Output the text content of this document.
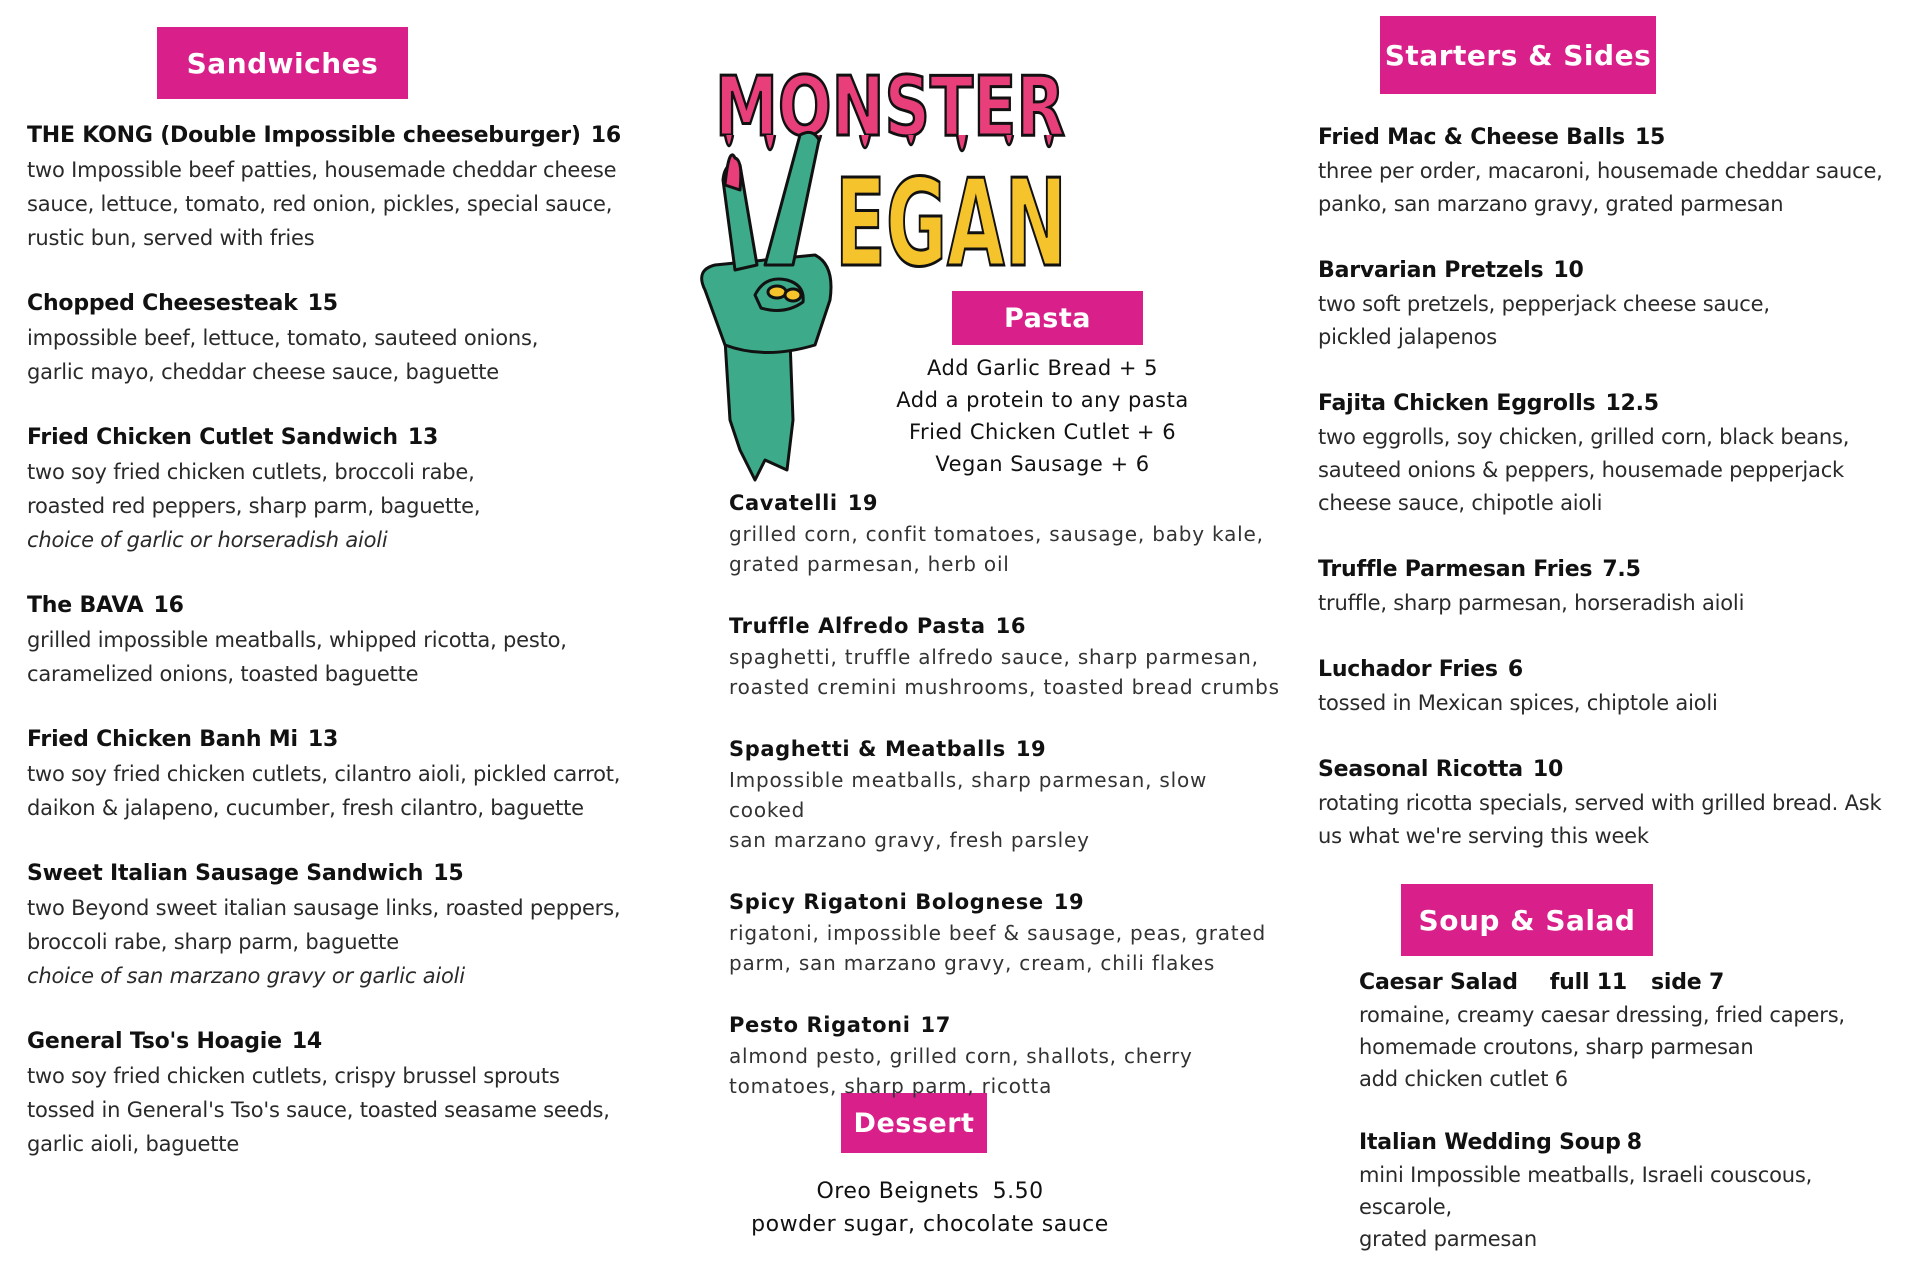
Sandwiches
Pasta
Dessert
Starters & Sides
Soup & Salad
MONSTER
EGAN
THE KONG (Double Impossible cheeseburger) 16
two Impossible beef patties, housemade cheddar cheese
sauce, lettuce, tomato, red onion, pickles, special sauce,
rustic bun, served with fries
Chopped Cheesesteak 15
impossible beef, lettuce, tomato, sauteed onions,
garlic mayo, cheddar cheese sauce, baguette
Fried Chicken Cutlet Sandwich 13
two soy fried chicken cutlets, broccoli rabe,
roasted red peppers, sharp parm, baguette,
choice of garlic or horseradish aioli
The BAVA 16
grilled impossible meatballs, whipped ricotta, pesto,
caramelized onions, toasted baguette
Fried Chicken Banh Mi 13
two soy fried chicken cutlets, cilantro aioli, pickled carrot,
daikon & jalapeno, cucumber, fresh cilantro, baguette
Sweet Italian Sausage Sandwich 15
two Beyond sweet italian sausage links, roasted peppers,
broccoli rabe, sharp parm, baguette
choice of san marzano gravy or garlic aioli
General Tso's Hoagie 14
two soy fried chicken cutlets, crispy brussel sprouts
tossed in General's Tso's sauce, toasted seasame seeds,
garlic aioli, baguette
Add Garlic Bread + 5
Add a protein to any pasta
Fried Chicken Cutlet + 6
Vegan Sausage + 6
Cavatelli 19
grilled corn, confit tomatoes, sausage, baby kale,
grated parmesan, herb oil
Truffle Alfredo Pasta 16
spaghetti, truffle alfredo sauce, sharp parmesan,
roasted cremini mushrooms, toasted bread crumbs
Spaghetti & Meatballs 19
Impossible meatballs, sharp parmesan, slow cooked
san marzano gravy, fresh parsley
Spicy Rigatoni Bolognese 19
rigatoni, impossible beef & sausage, peas, grated
parm, san marzano gravy, cream, chili flakes
Pesto Rigatoni 17
almond pesto, grilled corn, shallots, cherry
tomatoes, sharp parm, ricotta
Oreo Beignets 5.50
powder sugar, chocolate sauce
Fried Mac & Cheese Balls 15
three per order, macaroni, housemade cheddar sauce,
panko, san marzano gravy, grated parmesan
Barvarian Pretzels 10
two soft pretzels, pepperjack cheese sauce,
pickled jalapenos
Fajita Chicken Eggrolls 12.5
two eggrolls, soy chicken, grilled corn, black beans,
sauteed onions & peppers, housemade pepperjack
cheese sauce, chipotle aioli
Truffle Parmesan Fries 7.5
truffle, sharp parmesan, horseradish aioli
Luchador Fries 6
tossed in Mexican spices, chiptole aioli
Seasonal Ricotta 10
rotating ricotta specials, served with grilled bread. Ask
us what we're serving this week
Caesar Salad full 11 side 7
romaine, creamy caesar dressing, fried capers,
homemade croutons, sharp parmesan
add chicken cutlet 6
Italian Wedding Soup 8
mini Impossible meatballs, Israeli couscous, escarole,
grated parmesan
